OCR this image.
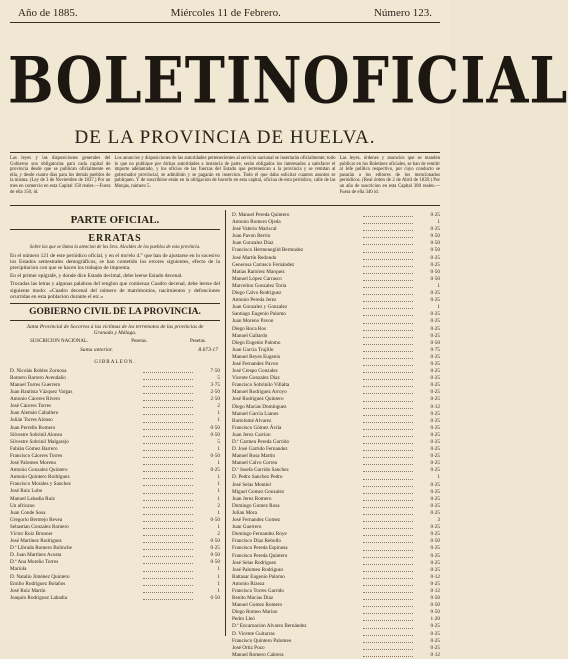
Año de 1885.	Miércoles 11 de Febrero.	Número 123.
BOLETIN OFICIAL
DE LA PROVINCIA DE HUELVA.
Las leyes y las disposiciones generales del Gobierno son obligatorias para cada capital de provincia desde que se publican oficialmente en ella, y desde cuatro días para los demás pueblos de la misma. (Ley de 3 de Noviembre de 1837.) Por un mes en comercio en esta Capital 150 reales.—Fuera de ella 150, id.
Los anuncios y disposiciones de las autoridades pertenecientes al servicio nacional se insertarán oficialmente; todo lo que no publique por dichas autoridades a instancia de parte, serán obligados los interesados a satisfacer el importe adelantado, y los oficios de las fuerzas del Estado que pertenezcan a la provincia y se remitan al gobernador provincial, se admitirán y se pagarán en insercion. Todo el que daba solicitar cuantos asuntos se publiquen. Y de suscribirse están en la obligacion de hacerlo en esta capital, oficina de esta periódico, calle de las Monjas, número 5.
Las leyes, órdenes y anuncios que se manden publicar en los Boletines oficiales, se han de remitir al Jefe político respectivo, por cuyo conducto se pasarán a los editores de los mencionados periódicos. (Real órden de 2 de Abril de 1839.) Por un año de suscricion en esta Capital 300 reales.—Fuera de ella 340 id.
PARTE OFICIAL.
ERRATAS
Sobre las que se llama la atencion de los Sres. Alcaldes de los pueblos de esta provincia.
En el número 121 de este periódico oficial, y en el mo'elo 4.° que han de ajustarse en lo sucesivo los Estados semestrales demográficos, se han cometido los errores siguientes, efecto de la precipitacion con que se hacen los trabajos de imprenta.
En el primer epígrafe, y donde dice Estado decimal, debe leerse Estado decenal.
Trocadas las letras y algunas palabras del renglon que comienza Cuadro decenal, debe leerse del siguiente modo: «Cuadro decenal del número de matrimonios, nacimientos y defunciones ocurridas en esta poblacion durante el etc.»
GOBIERNO CIVIL DE LA PROVINCIA.
Junta Provincial de Socorros á las víctimas de los terremotos de las provincias de Granada y Málaga.
SUSCRICION NACIONAL.	Pesetas.	Pesetas.
Suma anterior.	8.673·17
GIBRALEON.
D. Nicolás Robles Zornoza	7·50
Romero Barrero Avendaño	5
Manuel Torres Guerrero	3·75
Juan Bautista Vázquez Vargas	2·50
Antonio Cáceres Rivero	2·50
José Cáceres Torres	2
Juan Alemán Caballero	1
Julián Torres Alonso	1
Juan Perrello Romero	0·50
Silvestre Sobrinil Alonso	0·50
Silvestre Sobrinil Malgarejo	5
Fabián Gómez Barrero	1
Francisco Cáceres Torres	0·50
José Palomeo Moreno	1
Antonio Gonzalez Quintero	0·25
Antonio Quintero Rodriguez	1
Francisco Morales y Sanchez	1
José Ruiz Lobo	1
Manuel Labadia Ruiz	1
Un africano	2
Juan Conde Sosa	1
Gregorio Bermejo Revea	0·50
Sebastian Gonzalez Romero	1
Víctor Ruiz Brunner	2
José Martínez Rodriguez	0·50
D.ª Librada Romero Bolinche	0·25
D. Juan Martínez Acosta	0·50
D.ª Ana Moreño Torres	0·50
Mariola	1
D. Natalio Jiménez Quintero	1
Emilio Rodriguez Bolaños	1
José Ruiz Martín	1
Joaquín Rodriguez Labadia	0·50
D. Manuel Pereda Quintero	0·25
Antonio Romero Ojeda	1
José Valerio Mariscal	0·25
Juan Pavon Berrio	0·50
Juan Gonzalez Díaz	0·50
Francisco Hermenegild Bermudez	0·50
José Martín Redondo	0·25
Generosa Carrasco Fernández	0·25
Matías Ramírez Marquez	0·50
Manuel López Carrasco	0·50
Marcelino Gonzalez Toria	1
Diego Calvo Rodríguez	0·25
Antonio Pereda Jerez	0·25
Juan Gonzalez y Gonzalez	1
Santiago Eugenio Palomo	0·25
Juan Moreno Pavon	0·25
Diego Roca Ros	0·25
Manuel Gallardo	0·25
Diego Eugenio Palomo	0·50
Juan Garcia Trujillo	0·75
Manuel Reyes Eugenio	0·25
José Fernandez Pavon	0·25
José Crespo Gonzalez	0·25
Vicente Gonzalez Díaz	0·25
Francisco Sobrinilo Villalta	0·25
Manuel Rodriguez Arroyo	0·25
José Rodriguez Quintero	0·25
Diego Macias Domínguez	0·12
Manuel Garcia Lianos	0·25
Bartolomé Alvarez	0·25
Francisco Gómez Ávila	0·25
Juan Jerez Carrion	0·25
D.ª Carmen Pereda Garrido	0·25
D. José Garrido Fernandez	0·25
Manuel Rosa Martin	0·25
Manuel Calvo Correa	0·25
D.ª Josefa Garrido Sanchez	0·25
D. Pedro Sanchez Pedro	1
José Selas Montiel	0·25
Miguel Gomez Gonzalez	0·25
Juan Jerez Romero	0·25
Domingo Gomez Rosa	0·25
Julian Mora	0·25
José Fernandez Gomez	3
Juan Guerrero	0·25
Domingo Fernandez Roye	0·25
Francisco Díaz Rebollo	0·50
Francisco Pereda Espinosa	0·25
Francisco Pereda Quintero	0·25
José Selas Rodriguez	0·25
José Palomeo Rodriguez	0·25
Baltasar Eugenio Palomo	0·12
Antonio Rizeza	0·25
Francisco Torres Garrido	0·12
Benito Macias Díaz	0·50
Manuel Gomez Romero	0·50
Diego Romeo Marino	0·50
Pedro Lleó	1·20
D.ª Encarnacion Alvarez Bernández	0·25
D. Vicente Guitarras	0·25
Francisco Quintero Palomeo	0·25
José Ortiz Pozo	0·25
Manuel Romero Cabrera	0·12
